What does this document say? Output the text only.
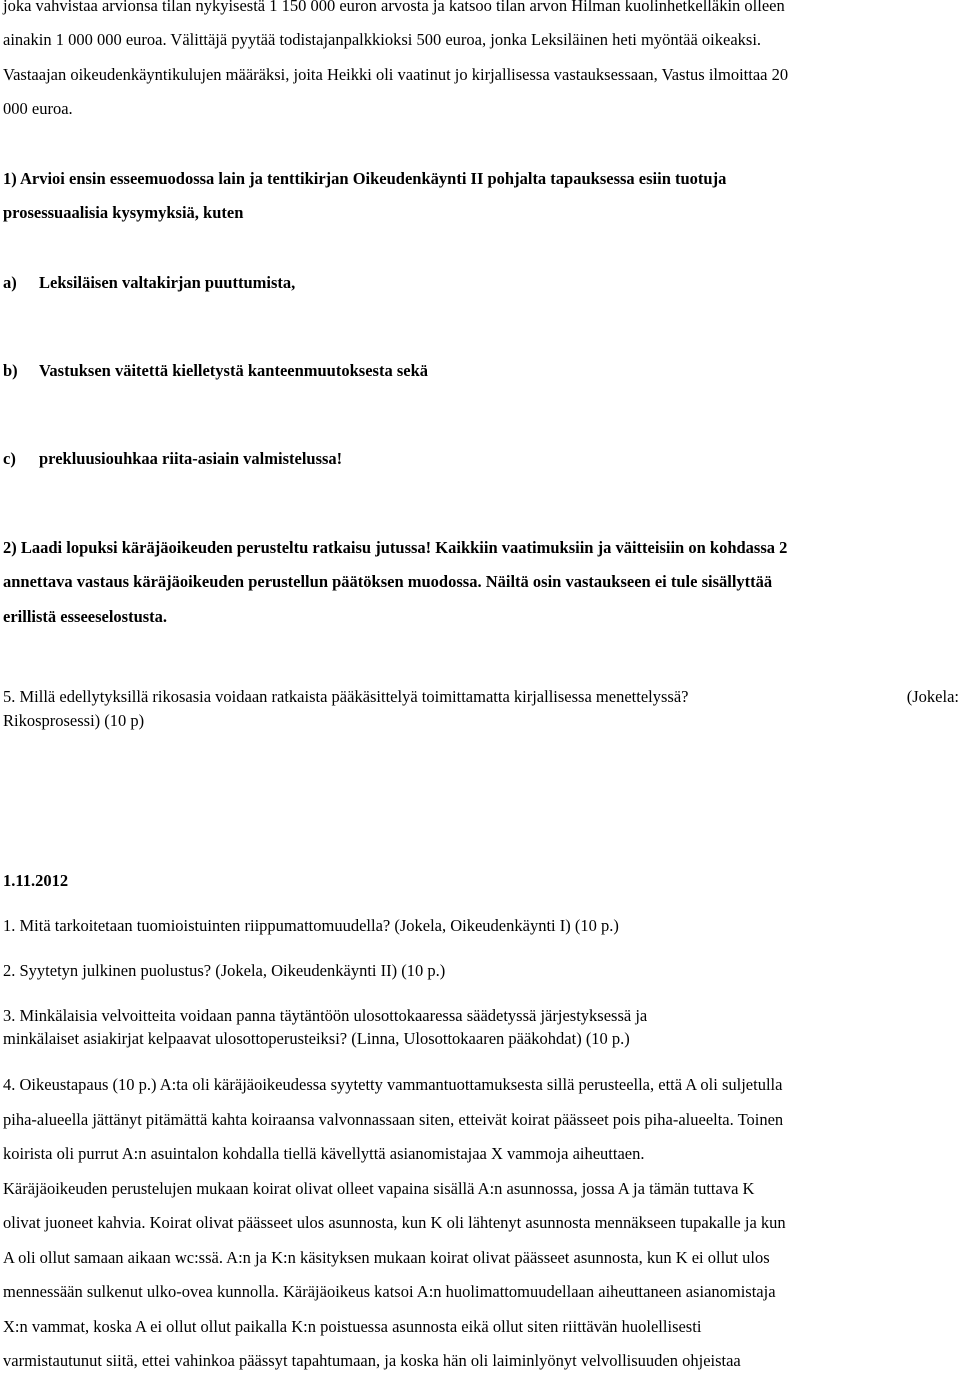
joka vahvistaa arvionsa tilan nykyisestä 1 150 000 euron arvosta ja katsoo tilan arvon Hilman kuolinhetkelläkin olleen
ainakin 1 000 000 euroa. Välittäjä pyytää todistajanpalkkioksi 500 euroa, jonka Leksiläinen heti myöntää oikeaksi.
Vastaajan oikeudenkäyntikulujen määräksi, joita Heikki oli vaatinut jo kirjallisessa vastauksessaan, Vastus ilmoittaa 20
000 euroa.
1) Arvioi ensin esseemuodossa lain ja tenttikirjan Oikeudenkäynti II pohjalta tapauksessa esiin tuotuja
prosessuaalisia kysymyksiä, kuten
a) Leksiläisen valtakirjan puuttumista,
b) Vastuksen väitettä kielletystä kanteenmuutoksesta sekä
c) prekluusiouhkaa riita-asiain valmistelussa!
2) Laadi lopuksi käräjäoikeuden perusteltu ratkaisu jutussa! Kaikkiin vaatimuksiin ja väitteisiin on kohdassa 2
annettava vastaus käräjäoikeuden perustellun päätöksen muodossa. Näiltä osin vastaukseen ei tule sisällyttää
erillistä esseeselostusta.
5. Millä edellytyksillä rikosasia voidaan ratkaista pääkäsittelyä toimittamatta kirjallisessa menettelyssä?	(Jokela:
Rikosprosessi) (10 p)
1.11.2012
1. Mitä tarkoitetaan tuomioistuinten riippumattomuudella? (Jokela, Oikeudenkäynti I) (10 p.)
2. Syytetyn julkinen puolustus? (Jokela, Oikeudenkäynti II) (10 p.)
3. Minkälaisia velvoitteita voidaan panna täytäntöön ulosottokaaressa säädetyssä järjestyksessä ja
minkälaiset asiakirjat kelpaavat ulosottoperusteiksi? (Linna, Ulosottokaaren pääkohdat) (10 p.)
4. Oikeustapaus (10 p.) A:ta oli käräjäoikeudessa syytetty vammantuottamuksesta sillä perusteella, että A oli suljetulla
piha-alueella jättänyt pitämättä kahta koiraansa valvonnassaan siten, etteivät koirat päässeet pois piha-alueelta. Toinen
koirista oli purrut A:n asuintalon kohdalla tiellä kävellyttä asianomistajaa X vammoja aiheuttaen.
Käräjäoikeuden perustelujen mukaan koirat olivat olleet vapaina sisällä A:n asunnossa, jossa A ja tämän tuttava K
olivat juoneet kahvia. Koirat olivat päässeet ulos asunnosta, kun K oli lähtenyt asunnosta mennäkseen tupakalle ja kun
A oli ollut samaan aikaan wc:ssä. A:n ja K:n käsityksen mukaan koirat olivat päässeet asunnosta, kun K ei ollut ulos
mennessään sulkenut ulko-ovea kunnolla. Käräjäoikeus katsoi A:n huolimattomuudellaan aiheuttaneen asianomistaja
X:n vammat, koska A ei ollut ollut paikalla K:n poistuessa asunnosta eikä ollut siten riittävän huolellisesti
varmistautunut siitä, ettei vahinkoa päässyt tapahtumaan, ja koska hän oli laiminlyönyt velvollisuuden ohjeistaa
